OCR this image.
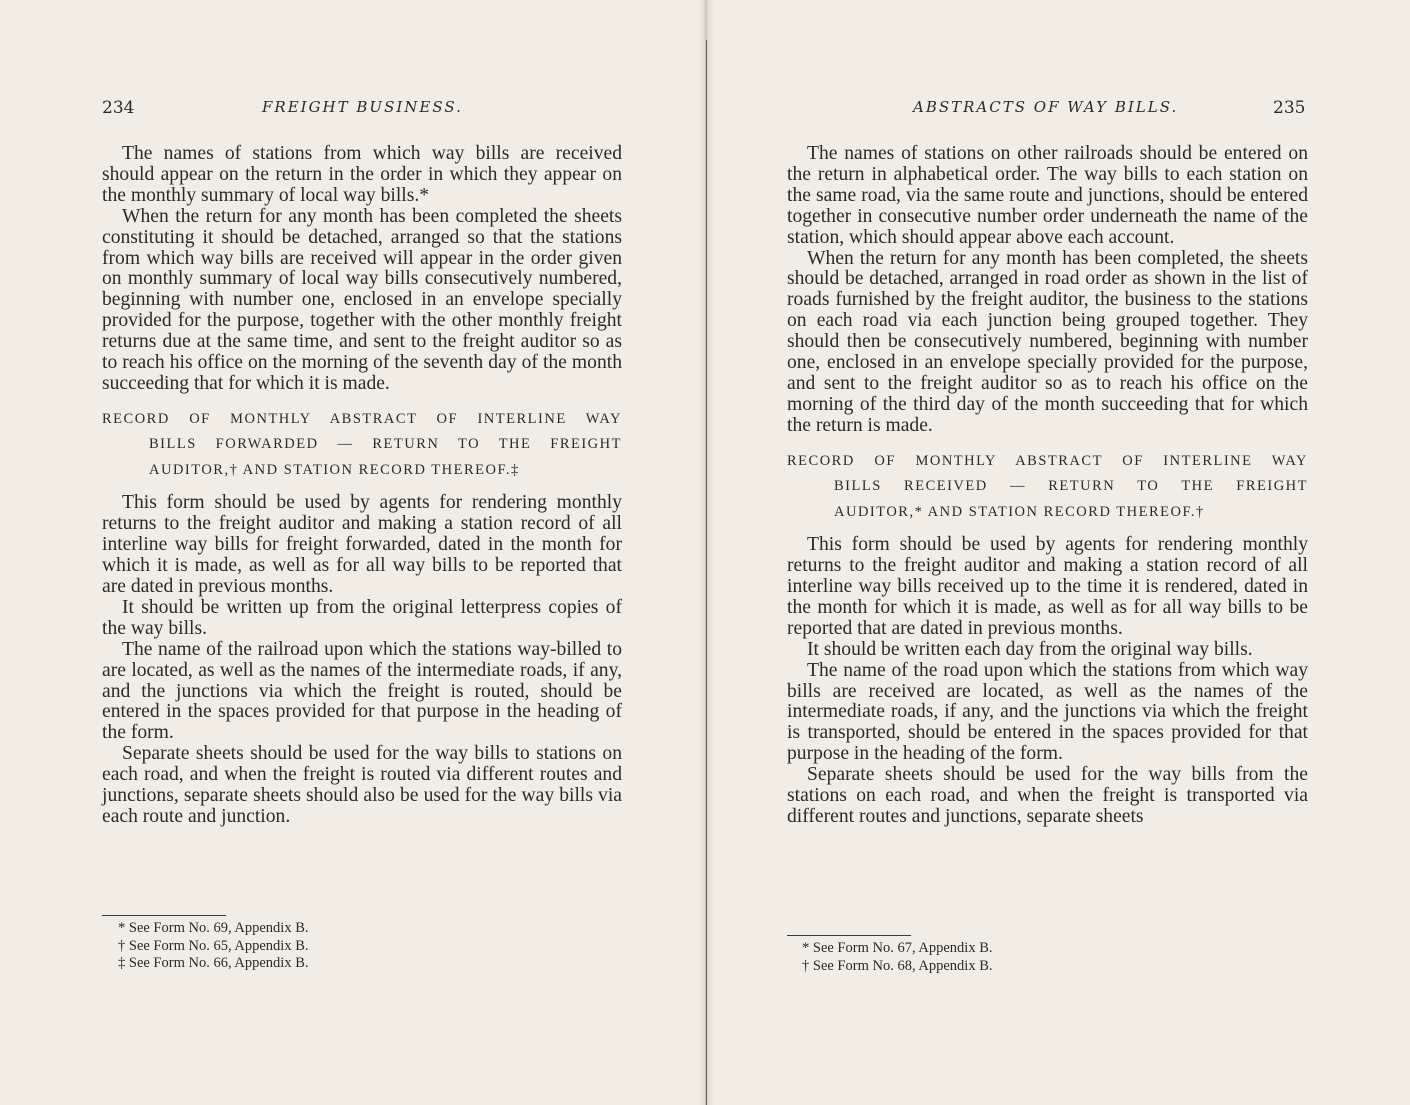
234	FREIGHT BUSINESS.

The names of stations from which way bills are received should appear on the return in the order in which they appear on the monthly summary of local way bills.*

When the return for any month has been completed the sheets constituting it should be detached, arranged so that the stations from which way bills are received will appear in the order given on monthly summary of local way bills consecutively numbered, beginning with number one, enclosed in an envelope specially provided for the purpose, together with the other monthly freight returns due at the same time, and sent to the freight auditor so as to reach his office on the morning of the seventh day of the month succeeding that for which it is made.

RECORD OF MONTHLY ABSTRACT OF INTERLINE WAY
BILLS FORWARDED — RETURN TO THE FREIGHT
AUDITOR,† AND STATION RECORD THEREOF.‡

This form should be used by agents for rendering monthly returns to the freight auditor and making a station record of all interline way bills for freight forwarded, dated in the month for which it is made, as well as for all way bills to be reported that are dated in previous months.

It should be written up from the original letterpress copies of the way bills.

The name of the railroad upon which the stations way-billed to are located, as well as the names of the intermediate roads, if any, and the junctions via which the freight is routed, should be entered in the spaces provided for that purpose in the heading of the form.

Separate sheets should be used for the way bills to stations on each road, and when the freight is routed via different routes and junctions, separate sheets should also be used for the way bills via each route and junction.

* See Form No. 69, Appendix B.
† See Form No. 65, Appendix B.
‡ See Form No. 66, Appendix B.
ABSTRACTS OF WAY BILLS.	235

The names of stations on other railroads should be entered on the return in alphabetical order. The way bills to each station on the same road, via the same route and junctions, should be entered together in consecutive number order underneath the name of the station, which should appear above each account.

When the return for any month has been completed, the sheets should be detached, arranged in road order as shown in the list of roads furnished by the freight auditor, the business to the stations on each road via each junction being grouped together. They should then be consecutively numbered, beginning with number one, enclosed in an envelope specially provided for the purpose, and sent to the freight auditor so as to reach his office on the morning of the third day of the month succeeding that for which the return is made.

RECORD OF MONTHLY ABSTRACT OF INTERLINE WAY
BILLS RECEIVED — RETURN TO THE FREIGHT
AUDITOR,* AND STATION RECORD THEREOF.†

This form should be used by agents for rendering monthly returns to the freight auditor and making a station record of all interline way bills received up to the time it is rendered, dated in the month for which it is made, as well as for all way bills to be reported that are dated in previous months.

It should be written each day from the original way bills.

The name of the road upon which the stations from which way bills are received are located, as well as the names of the intermediate roads, if any, and the junctions via which the freight is transported, should be entered in the spaces provided for that purpose in the heading of the form.

Separate sheets should be used for the way bills from the stations on each road, and when the freight is transported via different routes and junctions, separate sheets

* See Form No. 67, Appendix B.
† See Form No. 68, Appendix B.
